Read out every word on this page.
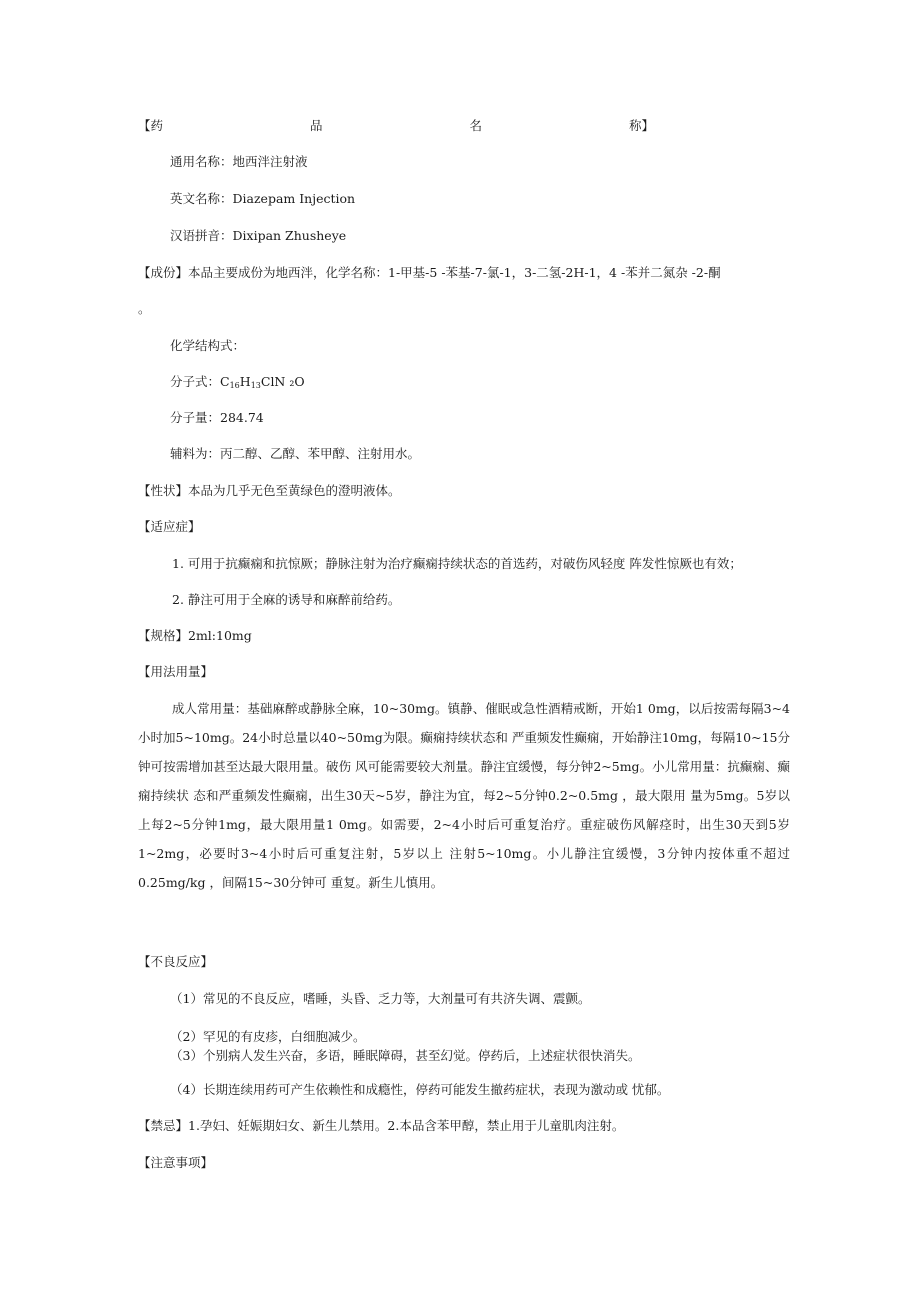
【药	品	名	称】

通用名称：地西泮注射液

英文名称：Diazepam Injection

汉语拼音：Dixipan Zhusheye

【成份】本品主要成份为地西泮，化学名称：1-甲基-5 -苯基-7-氯-1，3-二氢-2H-1，4 -苯并二氮杂 -2-酮

。

化学结构式：

分子式：$C_{16}H_{13}ClN$ ₂O

分子量：284.74

辅料为：丙二醇、乙醇、苯甲醇、注射用水。

【性状】本品为几乎无色至黄绿色的澄明液体。

【适应症】

1. 可用于抗癫痫和抗惊厥；静脉注射为治疗癫痫持续状态的首选药，对破伤风轻度 阵发性惊厥也有效；

2. 静注可用于全麻的诱导和麻醉前给药。

【规格】2ml:10mg

【用法用量】

成人常用量：基础麻醉或静脉全麻，10~30mg。镇静、催眠或急性酒精戒断，开始1 0mg，以后按需每隔3~4小时加5~10mg。24小时总量以40~50mg为限。癫痫持续状态和 严重频发性癫痫，开始静注10mg，每隔10~15分钟可按需增加甚至达最大限用量。破伤 风可能需要较大剂量。静注宜缓慢，每分钟2~5mg。小儿常用量：抗癫痫、癫痫持续状 态和严重频发性癫痫，出生30天~5岁，静注为宜，每2~5分钟0.2~0.5mg ，最大限用 量为5mg。5岁以上每2~5分钟1mg，最大限用量1 0mg。如需要，2~4小时后可重复治疗。重症破伤风解痉时，出生30天到5岁1~2mg，必要时3~4小时后可重复注射，5岁以上 注射5~10mg。小儿静注宜缓慢，3分钟内按体重不超过0.25mg/kg ，间隔15~30分钟可 重复。新生儿慎用。

【不良反应】

（1）常见的不良反应，嗜睡，头昏、乏力等，大剂量可有共济失调、震颤。

（2）罕见的有皮疹，白细胞减少。

（3）个别病人发生兴奋，多语，睡眠障碍，甚至幻觉。停药后，上述症状很快消失。

（4）长期连续用药可产生依赖性和成瘾性，停药可能发生撤药症状，表现为激动或 忧郁。

【禁忌】1.孕妇、妊娠期妇女、新生儿禁用。2.本品含苯甲醇，禁止用于儿童肌肉注射。

【注意事项】
